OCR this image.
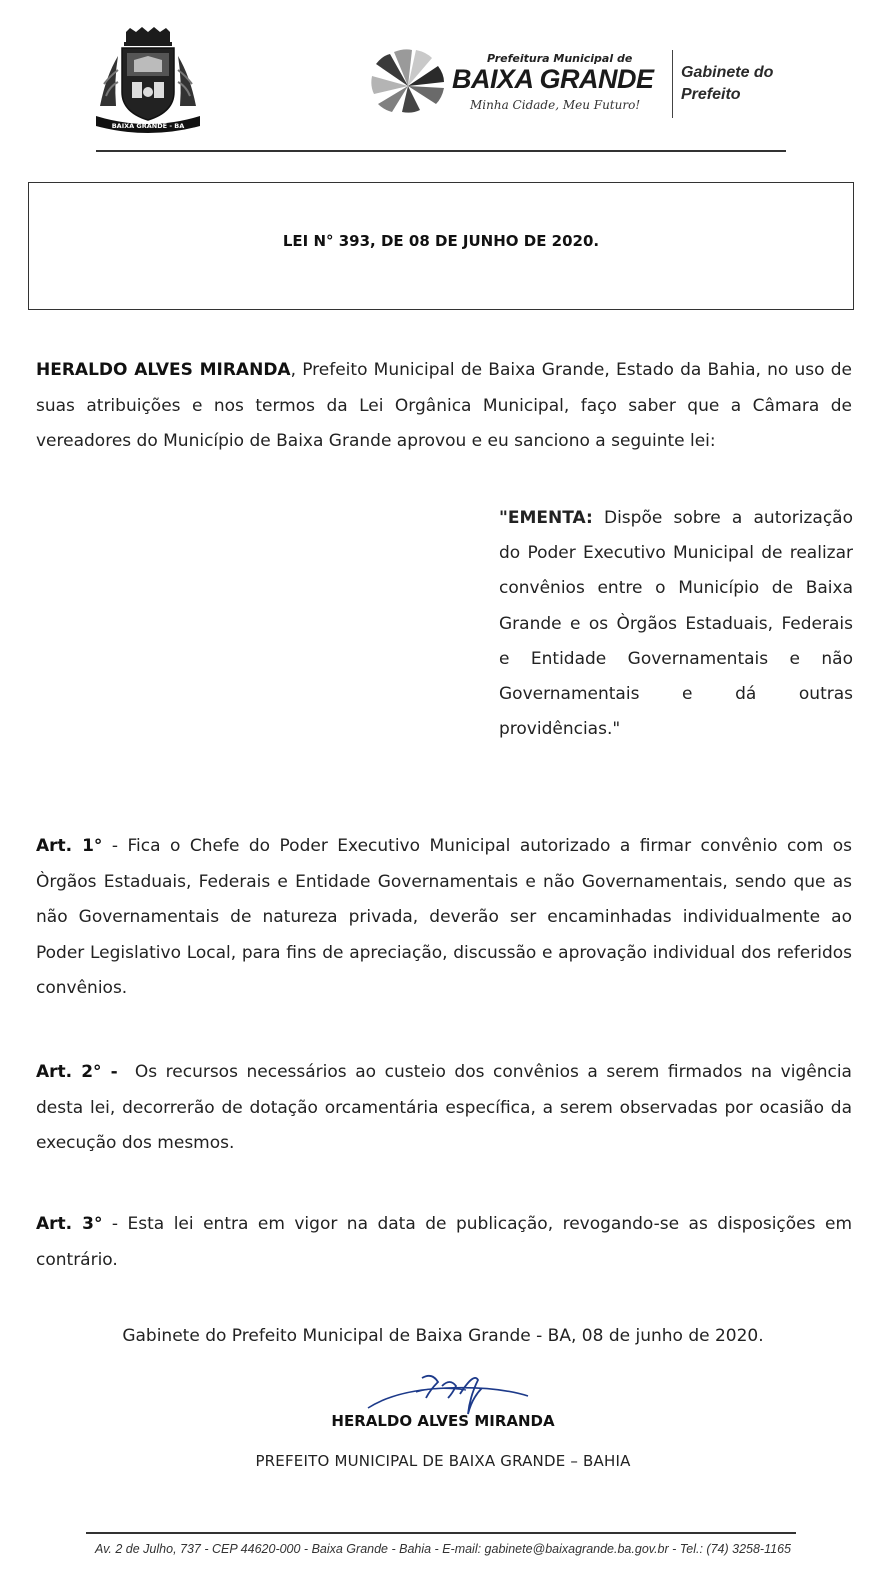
BAIXA GRANDE - BA
Prefeitura Municipal de
BAIXA GRANDE
Minha Cidade, Meu Futuro!
Gabinete do
Prefeito
LEI N° 393, DE 08 DE JUNHO DE 2020.
HERALDO ALVES MIRANDA, Prefeito Municipal de Baixa Grande, Estado da Bahia, no uso de suas atribuições e nos termos da Lei Orgânica Municipal, faço saber que a Câmara de vereadores do Município de Baixa Grande aprovou e eu sanciono a seguinte lei:
"EMENTA: Dispõe sobre a autorização do Poder Executivo Municipal de realizar convênios entre o Município de Baixa Grande e os Òrgãos Estaduais, Federais e Entidade Governamentais e não Governamentais e dá outras providências."
Art. 1° - Fica o Chefe do Poder Executivo Municipal autorizado a firmar convênio com os Òrgãos Estaduais, Federais e Entidade Governamentais e não Governamentais, sendo que as não Governamentais de natureza privada, deverão ser encaminhadas individualmente ao Poder Legislativo Local, para fins de apreciação, discussão e aprovação individual dos referidos convênios.
Art. 2° -  Os recursos necessários ao custeio dos convênios a serem firmados na vigência desta lei, decorrerão de dotação orcamentária específica, a serem observadas por ocasião da execução dos mesmos.
Art. 3° - Esta lei entra em vigor na data de publicação, revogando-se as disposições em contrário.
Gabinete do Prefeito Municipal de Baixa Grande - BA, 08 de junho de 2020.
HERALDO ALVES MIRANDA
PREFEITO MUNICIPAL DE BAIXA GRANDE – BAHIA
Av. 2 de Julho, 737 - CEP 44620-000 - Baixa Grande - Bahia - E-mail: gabinete@baixagrande.ba.gov.br - Tel.: (74) 3258-1165
